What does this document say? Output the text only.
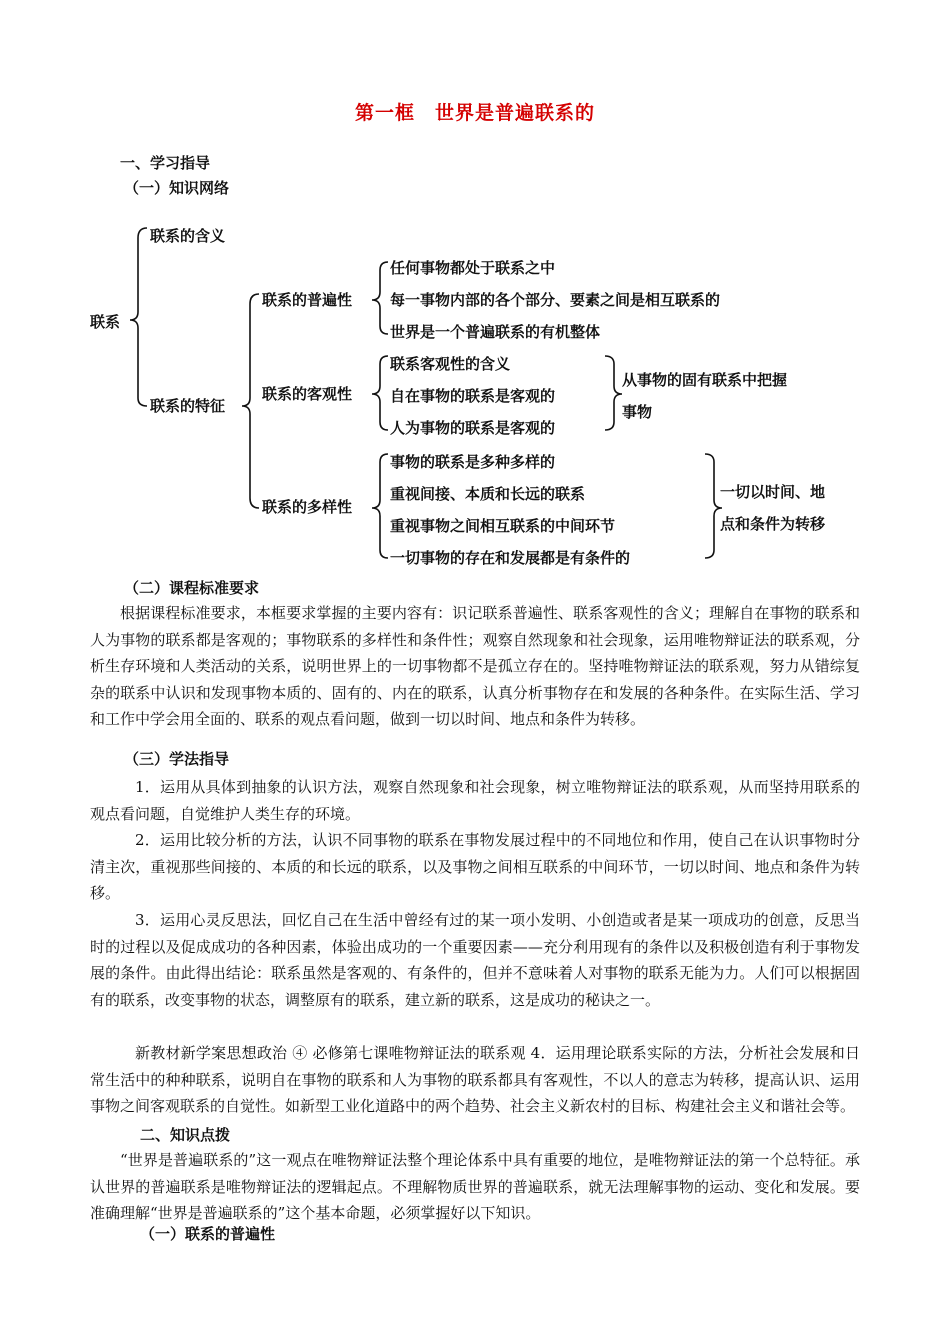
第一框　世界是普遍联系的
一、学习指导
（一）知识网络
联系
联系的含义
联系的特征
联系的普遍性
联系的客观性
联系的多样性
任何事物都处于联系之中
每一事物内部的各个部分、要素之间是相互联系的
世界是一个普遍联系的有机整体
联系客观性的含义
自在事物的联系是客观的
人为事物的联系是客观的
从事物的固有联系中把握
事物
事物的联系是多种多样的
重视间接、本质和长远的联系
重视事物之间相互联系的中间环节
一切事物的存在和发展都是有条件的
一切以时间、地
点和条件为转移
（二）课程标准要求

根据课程标准要求，本框要求掌握的主要内容有：识记联系普遍性、联系客观性的含义；理解自在事物的联系和人为事物的联系都是客观的；事物联系的多样性和条件性；观察自然现象和社会现象，运用唯物辩证法的联系观，分析生存环境和人类活动的关系，说明世界上的一切事物都不是孤立存在的。坚持唯物辩证法的联系观，努力从错综复杂的联系中认识和发现事物本质的、固有的、内在的联系，认真分析事物存在和发展的各种条件。在实际生活、学习和工作中学会用全面的、联系的观点看问题，做到一切以时间、地点和条件为转移。

（三）学法指导

1．运用从具体到抽象的认识方法，观察自然现象和社会现象，树立唯物辩证法的联系观，从而坚持用联系的观点看问题，自觉维护人类生存的环境。

2．运用比较分析的方法，认识不同事物的联系在事物发展过程中的不同地位和作用，使自己在认识事物时分清主次，重视那些间接的、本质的和长远的联系，以及事物之间相互联系的中间环节，一切以时间、地点和条件为转移。

3．运用心灵反思法，回忆自己在生活中曾经有过的某一项小发明、小创造或者是某一项成功的创意，反思当时的过程以及促成成功的各种因素，体验出成功的一个重要因素——充分利用现有的条件以及积极创造有利于事物发展的条件。由此得出结论：联系虽然是客观的、有条件的，但并不意味着人对事物的联系无能为力。人们可以根据固有的联系，改变事物的状态，调整原有的联系，建立新的联系，这是成功的秘诀之一。

新教材新学案思想政治 ④ 必修第七课唯物辩证法的联系观 4．运用理论联系实际的方法，分析社会发展和日常生活中的种种联系，说明自在事物的联系和人为事物的联系都具有客观性，不以人的意志为转移，提高认识、运用事物之间客观联系的自觉性。如新型工业化道路中的两个趋势、社会主义新农村的目标、构建社会主义和谐社会等。

二、知识点拨

“世界是普遍联系的”这一观点在唯物辩证法整个理论体系中具有重要的地位，是唯物辩证法的第一个总特征。承认世界的普遍联系是唯物辩证法的逻辑起点。不理解物质世界的普遍联系，就无法理解事物的运动、变化和发展。要准确理解“世界是普遍联系的”这个基本命题，必须掌握好以下知识。

（一）联系的普遍性
